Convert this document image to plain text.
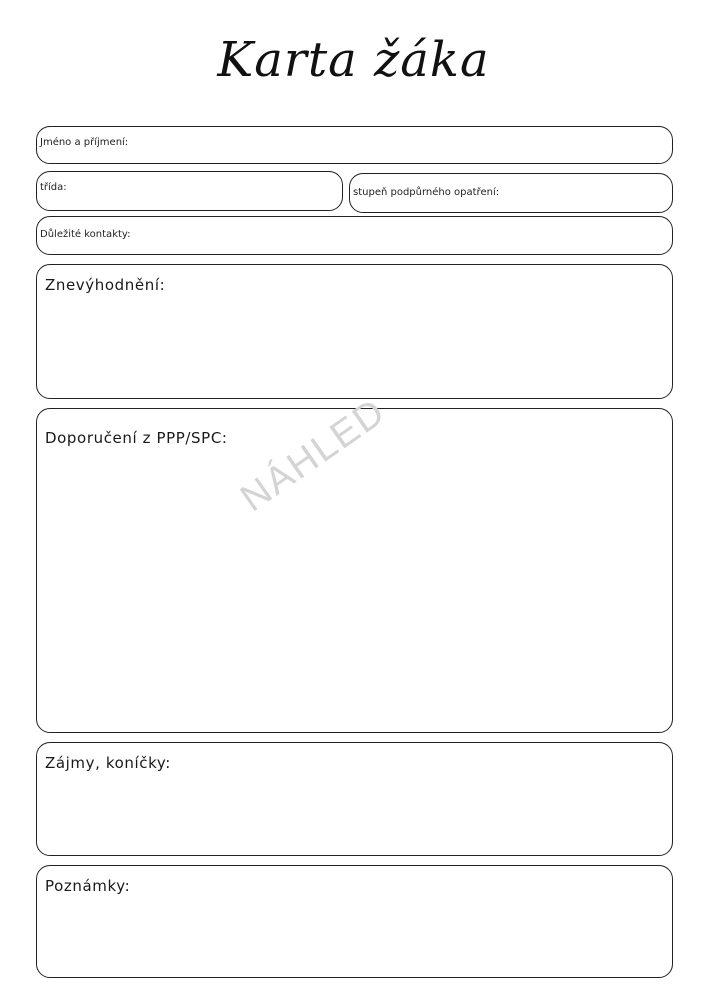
Karta žáka
Jméno a příjmení:
třída:	stupeň podpůrného opatření:
Důležité kontakty:
Znevýhodnění:
Doporučení z PPP/SPC:
Zájmy, koníčky:
Poznámky:
NÁHLED
